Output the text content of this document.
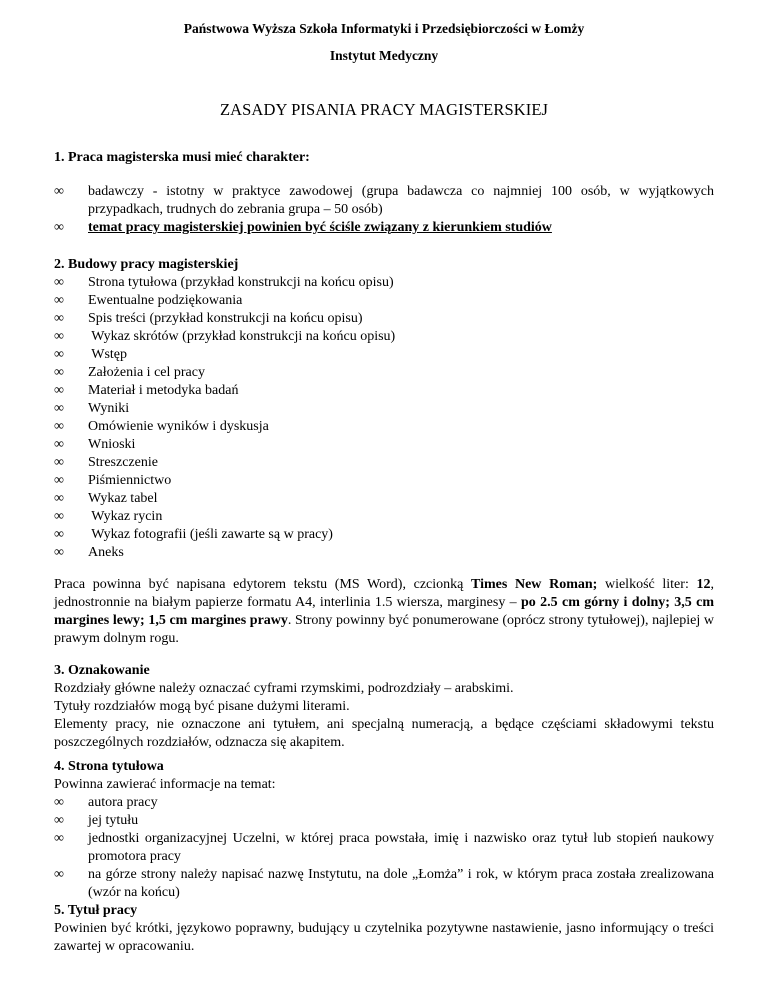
Państwowa Wyższa Szkoła Informatyki i Przedsiębiorczości w Łomży
Instytut Medyczny
ZASADY PISANIA PRACY MAGISTERSKIEJ
1. Praca magisterska musi mieć charakter:
∞ badawczy - istotny w praktyce zawodowej (grupa badawcza co najmniej 100 osób, w wyjątkowych przypadkach, trudnych do zebrania grupa – 50 osób)
∞ temat pracy magisterskiej powinien być ściśle związany z kierunkiem studiów
2. Budowy pracy magisterskiej
∞ Strona tytułowa (przykład konstrukcji na końcu opisu)
∞ Ewentualne podziękowania
∞ Spis treści (przykład konstrukcji na końcu opisu)
∞ Wykaz skrótów (przykład konstrukcji na końcu opisu)
∞ Wstęp
∞ Założenia i cel pracy
∞ Materiał i metodyka badań
∞ Wyniki
∞ Omówienie wyników i dyskusja
∞ Wnioski
∞ Streszczenie
∞ Piśmiennictwo
∞ Wykaz tabel
∞ Wykaz rycin
∞ Wykaz fotografii (jeśli zawarte są w pracy)
∞ Aneks
Praca powinna być napisana edytorem tekstu (MS Word), czcionką Times New Roman; wielkość liter: 12, jednostronnie na białym papierze formatu A4, interlinia 1.5 wiersza, marginesy – po 2.5 cm górny i dolny; 3,5 cm margines lewy; 1,5 cm margines prawy. Strony powinny być ponumerowane (oprócz strony tytułowej), najlepiej w prawym dolnym rogu.
3. Oznakowanie
Rozdziały główne należy oznaczać cyframi rzymskimi, podrozdziały – arabskimi.
Tytuły rozdziałów mogą być pisane dużymi literami.
Elementy pracy, nie oznaczone ani tytułem, ani specjalną numeracją, a będące częściami składowymi tekstu poszczególnych rozdziałów, odznacza się akapitem.
4. Strona tytułowa
Powinna zawierać informacje na temat:
∞ autora pracy
∞ jej tytułu
∞ jednostki organizacyjnej Uczelni, w której praca powstała, imię i nazwisko oraz tytuł lub stopień naukowy promotora pracy
∞ na górze strony należy napisać nazwę Instytutu, na dole „Łomża” i rok, w którym praca została zrealizowana (wzór na końcu)
5. Tytuł pracy
Powinien być krótki, językowo poprawny, budujący u czytelnika pozytywne nastawienie, jasno informujący o treści zawartej w opracowaniu.
